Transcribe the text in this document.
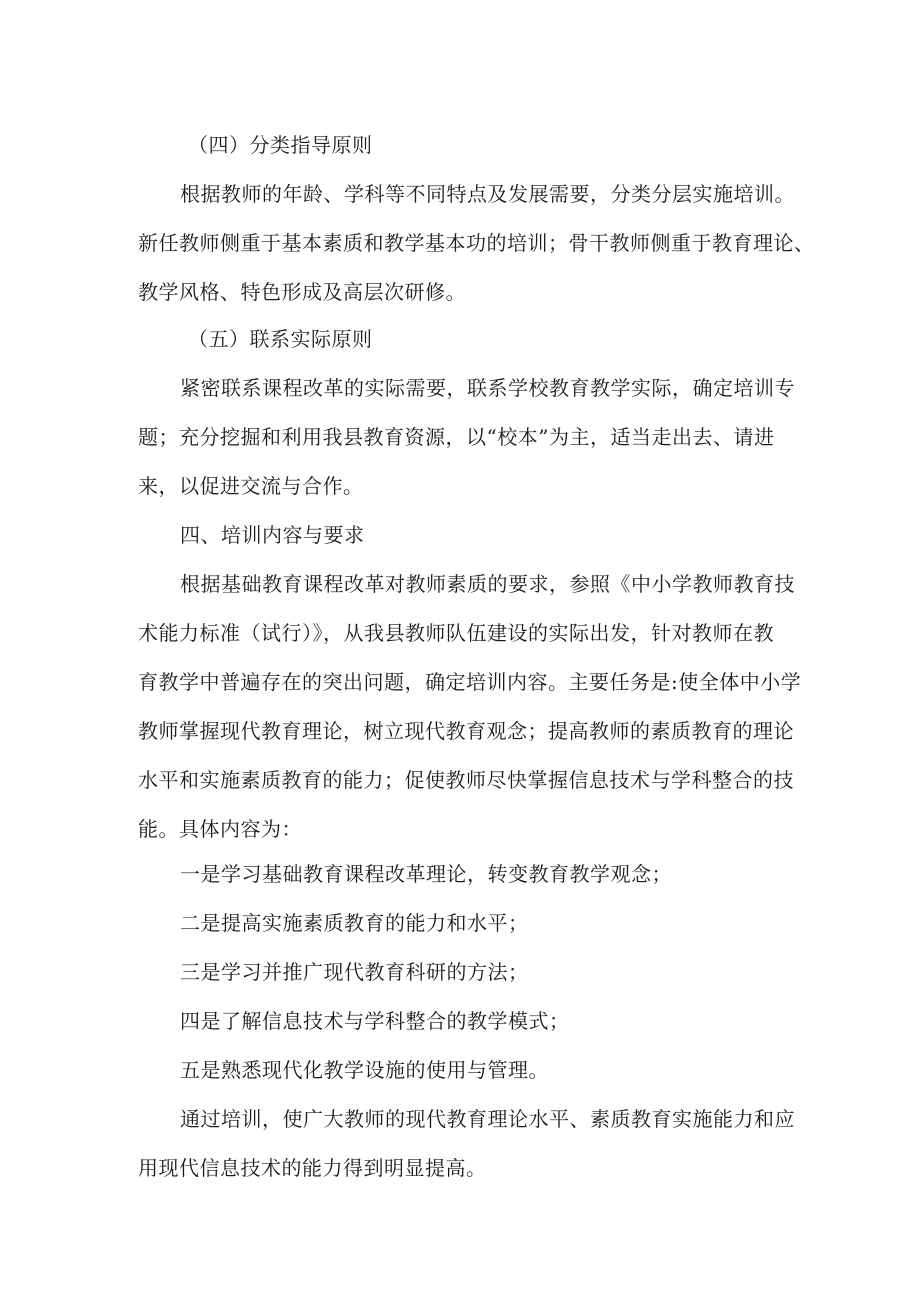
（四）分类指导原则
根据教师的年龄、学科等不同特点及发展需要，分类分层实施培训。
新任教师侧重于基本素质和教学基本功的培训；骨干教师侧重于教育理论、
教学风格、特色形成及高层次研修。
（五）联系实际原则
紧密联系课程改革的实际需要，联系学校教育教学实际，确定培训专
题；充分挖掘和利用我县教育资源，以“校本”为主，适当走出去、请进
来，以促进交流与合作。
四、培训内容与要求
根据基础教育课程改革对教师素质的要求，参照《中小学教师教育技
术能力标准（试行）》，从我县教师队伍建设的实际出发，针对教师在教
育教学中普遍存在的突出问题，确定培训内容。主要任务是:使全体中小学
教师掌握现代教育理论，树立现代教育观念；提高教师的素质教育的理论
水平和实施素质教育的能力；促使教师尽快掌握信息技术与学科整合的技
能。具体内容为：
一是学习基础教育课程改革理论，转变教育教学观念；
二是提高实施素质教育的能力和水平；
三是学习并推广现代教育科研的方法；
四是了解信息技术与学科整合的教学模式；
五是熟悉现代化教学设施的使用与管理。
通过培训，使广大教师的现代教育理论水平、素质教育实施能力和应
用现代信息技术的能力得到明显提高。
